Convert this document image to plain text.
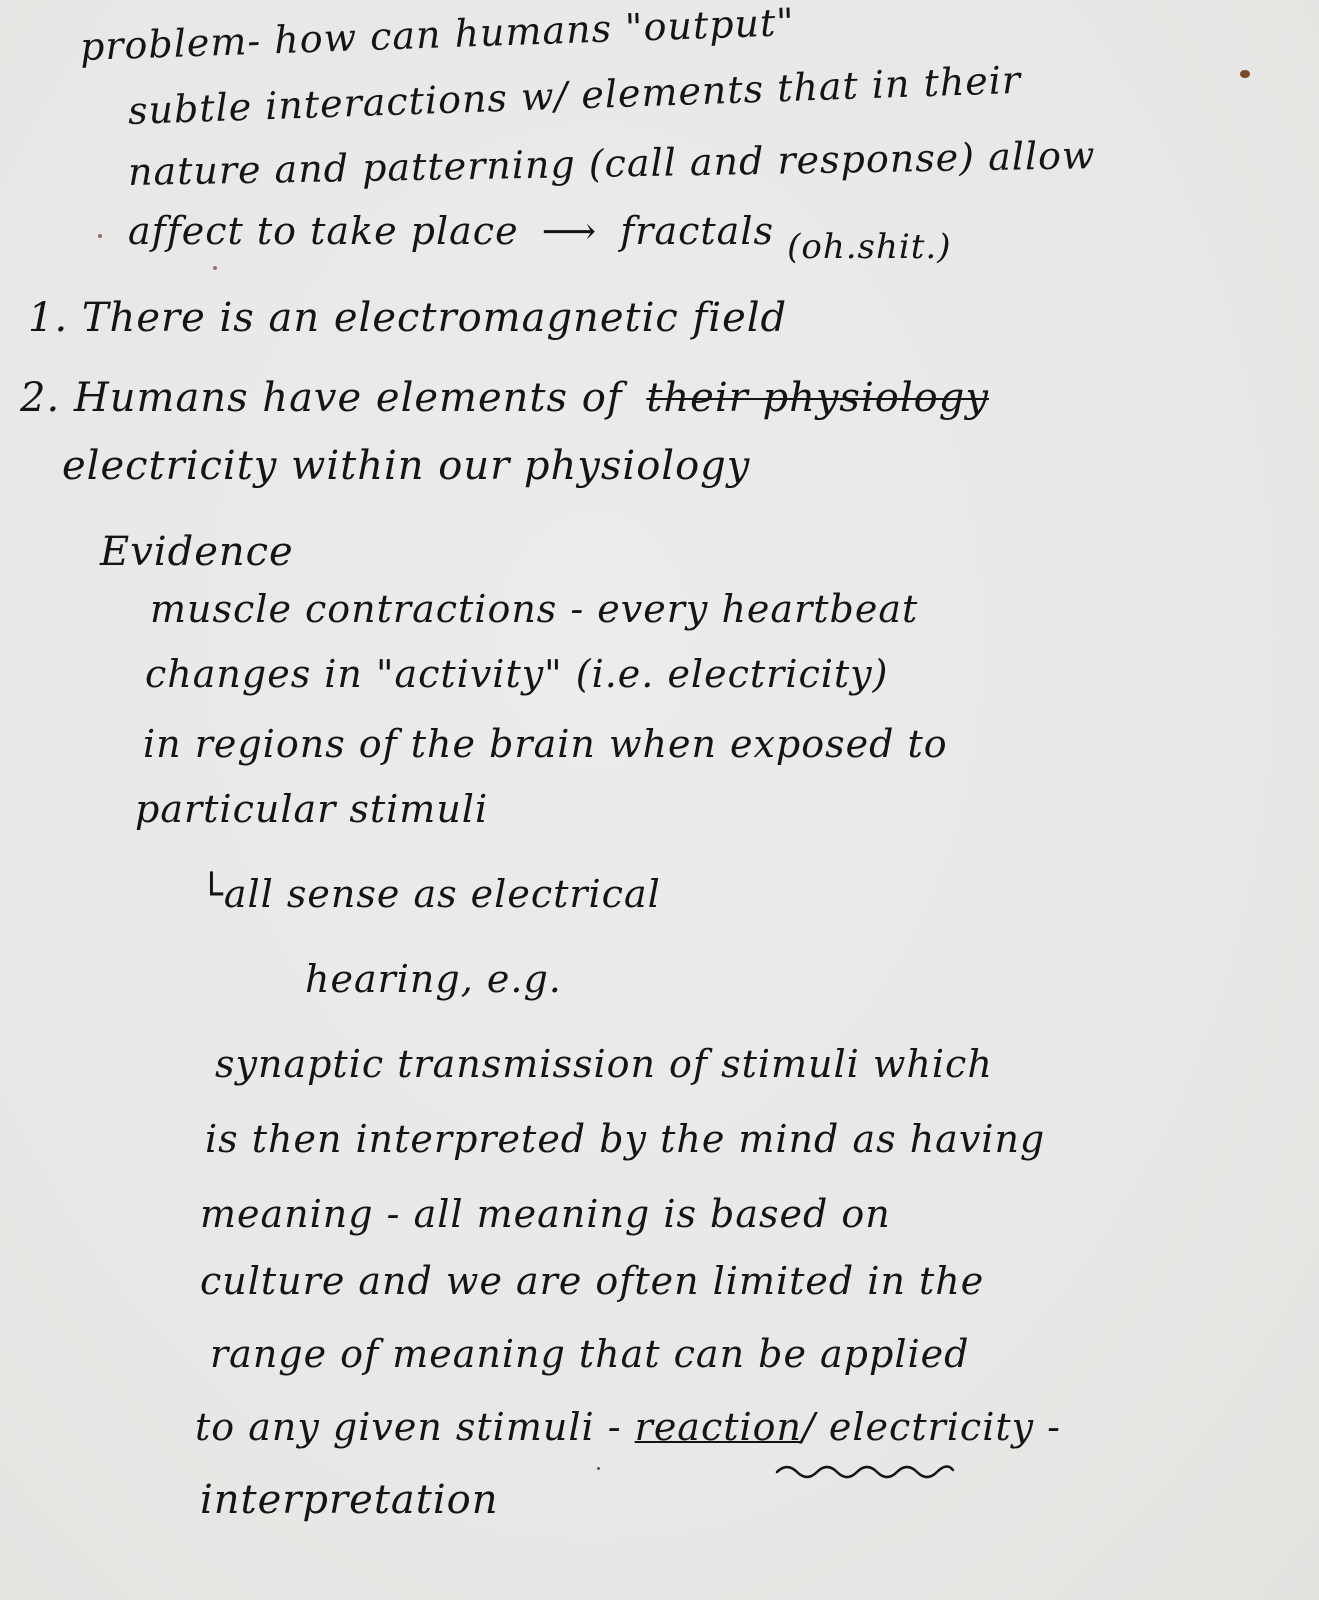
problem- how can humans "output"

subtle interactions w/ elements that in their

nature and patterning (call and response) allow

affect to take place ⟶ fractals (oh.shit.)

1. There is an electromagnetic field

2. Humans have elements of their physiology

electricity within our physiology

Evidence

muscle contractions - every heartbeat

changes in "activity" (i.e. electricity)

in regions of the brain when exposed to

particular stimuli

└all sense as electrical

hearing, e.g.

synaptic transmission of stimuli which

is then interpreted by the mind as having

meaning - all meaning is based on

culture and we are often limited in the

range of meaning that can be applied

to any given stimuli - reaction/ electricity -

interpretation
